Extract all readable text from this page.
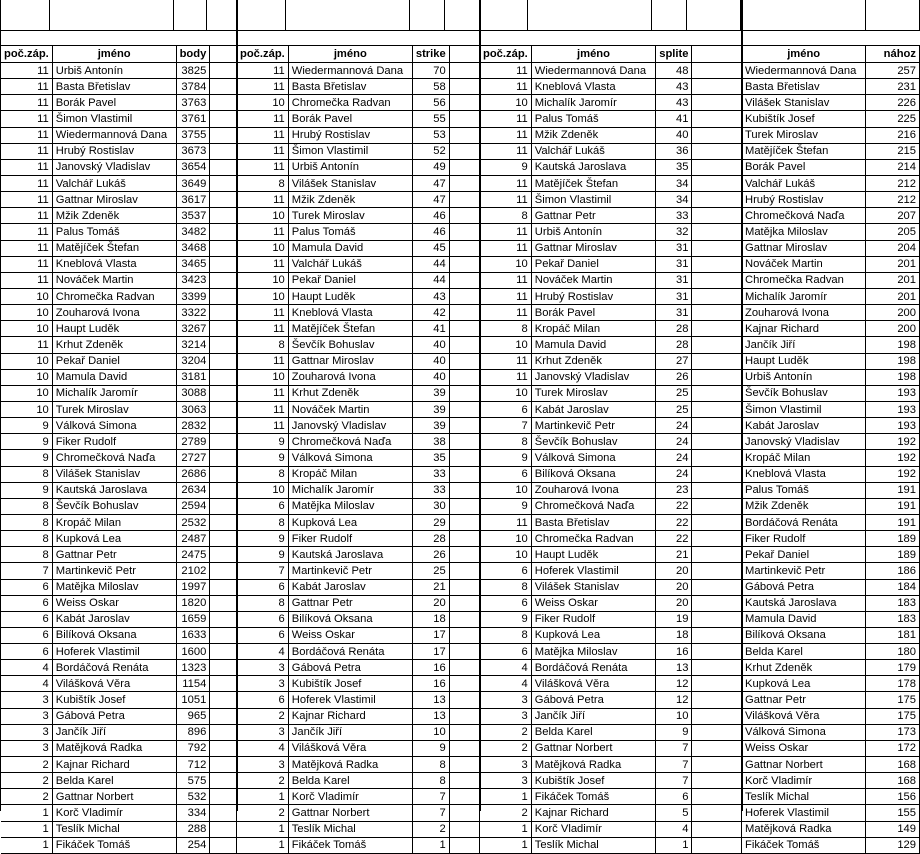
poč.záp.	jméno	body	
11	Urbiš Antonín	3825	
11	Basta Břetislav	3784	
11	Borák Pavel	3763	
11	Šimon Vlastimil	3761	
11	Wiedermannová Dana	3755	
11	Hrubý Rostislav	3673	
11	Janovský Vladislav	3654	
11	Valchář Lukáš	3649	
11	Gattnar Miroslav	3617	
11	Mžik Zdeněk	3537	
11	Palus Tomáš	3482	
11	Matějíček Štefan	3468	
11	Kneblová Vlasta	3465	
11	Nováček Martin	3423	
10	Chromečka Radvan	3399	
10	Zouharová Ivona	3322	
10	Haupt Luděk	3267	
11	Krhut Zdeněk	3214	
10	Pekař Daniel	3204	
10	Mamula David	3181	
10	Michalík Jaromír	3088	
10	Turek Miroslav	3063	
9	Válková Simona	2832	
9	Fiker Rudolf	2789	
9	Chromečková Naďa	2727	
8	Vilášek Stanislav	2686	
9	Kautská Jaroslava	2634	
8	Ševčík Bohuslav	2594	
8	Kropáč Milan	2532	
8	Kupková Lea	2487	
8	Gattnar Petr	2475	
7	Martinkevič Petr	2102	
6	Matějka Miloslav	1997	
6	Weiss Oskar	1820	
6	Kabát Jaroslav	1659	
6	Bilíková Oksana	1633	
6	Hoferek Vlastimil	1600	
4	Bordáčová Renáta	1323	
4	Vilášková Věra	1154	
3	Kubištík Josef	1051	
3	Gábová Petra	965	
3	Jančík Jiří	896	
3	Matějková Radka	792	
2	Kajnar Richard	712	
2	Belda Karel	575	
2	Gattnar Norbert	532	
1	Korč Vladimír	334	
1	Teslík Michal	288	
1	Fikáček Tomáš	254	
poč.záp.	jméno	strike	
11	Wiedermannová Dana	70	
11	Basta Břetislav	58	
10	Chromečka Radvan	56	
11	Borák Pavel	55	
11	Hrubý Rostislav	53	
11	Šimon Vlastimil	52	
11	Urbiš Antonín	49	
8	Vilášek Stanislav	47	
11	Mžik Zdeněk	47	
10	Turek Miroslav	46	
11	Palus Tomáš	46	
10	Mamula David	45	
11	Valchář Lukáš	44	
10	Pekař Daniel	44	
10	Haupt Luděk	43	
11	Kneblová Vlasta	42	
11	Matějíček Štefan	41	
8	Ševčík Bohuslav	40	
11	Gattnar Miroslav	40	
10	Zouharová Ivona	40	
11	Krhut Zdeněk	39	
11	Nováček Martin	39	
11	Janovský Vladislav	39	
9	Chromečková Naďa	38	
9	Válková Simona	35	
8	Kropáč Milan	33	
10	Michalík Jaromír	33	
6	Matějka Miloslav	30	
8	Kupková Lea	29	
9	Fiker Rudolf	28	
9	Kautská Jaroslava	26	
7	Martinkevič Petr	25	
6	Kabát Jaroslav	21	
8	Gattnar Petr	20	
6	Bilíková Oksana	18	
6	Weiss Oskar	17	
4	Bordáčová Renáta	17	
3	Gábová Petra	16	
3	Kubištík Josef	16	
6	Hoferek Vlastimil	13	
2	Kajnar Richard	13	
3	Jančík Jiří	10	
4	Vilášková Věra	9	
3	Matějková Radka	8	
2	Belda Karel	8	
1	Korč Vladimír	7	
2	Gattnar Norbert	7	
1	Teslík Michal	2	
1	Fikáček Tomáš	1	
poč.záp.	jméno	splite	
11	Wiedermannová Dana	48	
11	Kneblová Vlasta	43	
10	Michalík Jaromír	43	
11	Palus Tomáš	41	
11	Mžik Zdeněk	40	
11	Valchář Lukáš	36	
9	Kautská Jaroslava	35	
11	Matějíček Štefan	34	
11	Šimon Vlastimil	34	
8	Gattnar Petr	33	
11	Urbiš Antonín	32	
11	Gattnar Miroslav	31	
10	Pekař Daniel	31	
11	Nováček Martin	31	
11	Hrubý Rostislav	31	
11	Borák Pavel	31	
8	Kropáč Milan	28	
10	Mamula David	28	
11	Krhut Zdeněk	27	
11	Janovský Vladislav	26	
10	Turek Miroslav	25	
6	Kabát Jaroslav	25	
7	Martinkevič Petr	24	
8	Ševčík Bohuslav	24	
9	Válková Simona	24	
6	Bilíková Oksana	24	
10	Zouharová Ivona	23	
9	Chromečková Naďa	22	
11	Basta Břetislav	22	
10	Chromečka Radvan	22	
10	Haupt Luděk	21	
6	Hoferek Vlastimil	20	
8	Vilášek Stanislav	20	
6	Weiss Oskar	20	
9	Fiker Rudolf	19	
8	Kupková Lea	18	
6	Matějka Miloslav	16	
4	Bordáčová Renáta	13	
4	Vilášková Věra	12	
3	Gábová Petra	12	
3	Jančík Jiří	10	
2	Belda Karel	9	
2	Gattnar Norbert	7	
3	Matějková Radka	7	
3	Kubištík Josef	7	
1	Fikáček Tomáš	6	
2	Kajnar Richard	5	
1	Korč Vladimír	4	
1	Teslík Michal	1	
jméno	nához
Wiedermannová Dana	257
Basta Břetislav	231
Vilášek Stanislav	226
Kubištík Josef	225
Turek Miroslav	216
Matějíček Štefan	215
Borák Pavel	214
Valchář Lukáš	212
Hrubý Rostislav	212
Chromečková Naďa	207
Matějka Miloslav	205
Gattnar Miroslav	204
Nováček Martin	201
Chromečka Radvan	201
Michalík Jaromír	201
Zouharová Ivona	200
Kajnar Richard	200
Jančík Jiří	198
Haupt Luděk	198
Urbiš Antonín	198
Ševčík Bohuslav	193
Šimon Vlastimil	193
Kabát Jaroslav	193
Janovský Vladislav	192
Kropáč Milan	192
Kneblová Vlasta	192
Palus Tomáš	191
Mžik Zdeněk	191
Bordáčová Renáta	191
Fiker Rudolf	189
Pekař Daniel	189
Martinkevič Petr	186
Gábová Petra	184
Kautská Jaroslava	183
Mamula David	183
Bilíková Oksana	181
Belda Karel	180
Krhut Zdeněk	179
Kupková Lea	178
Gattnar Petr	175
Vilášková Věra	175
Válková Simona	173
Weiss Oskar	172
Gattnar Norbert	168
Korč Vladimír	168
Teslík Michal	156
Hoferek Vlastimil	155
Matějková Radka	149
Fikáček Tomáš	129
